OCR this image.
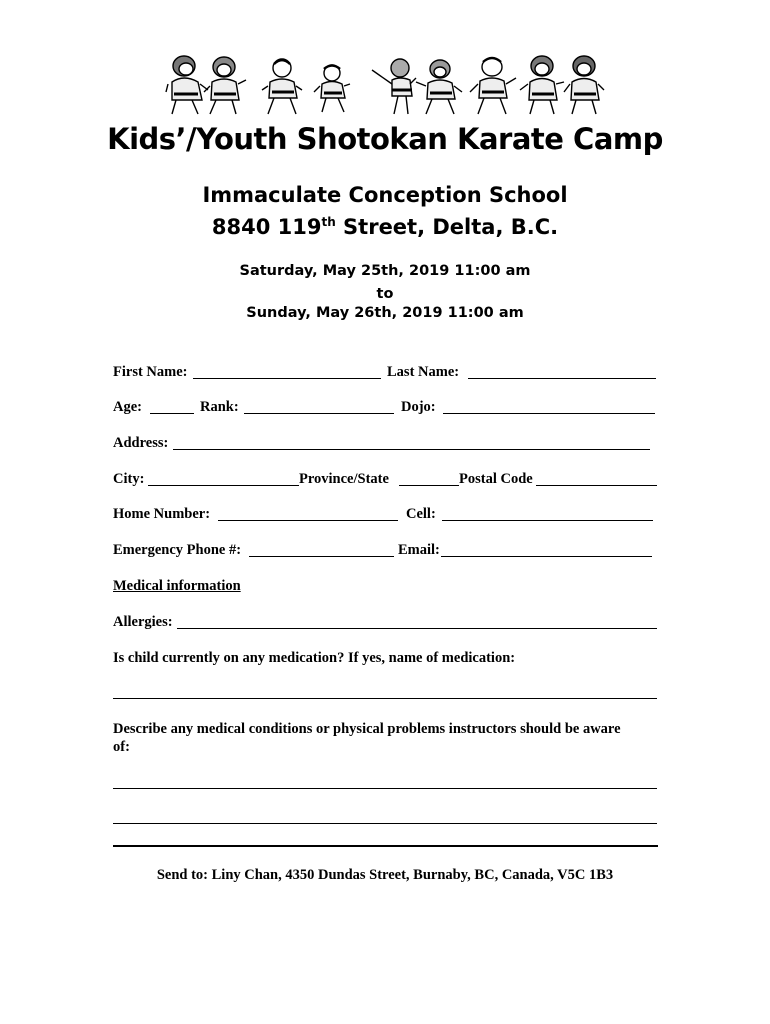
Kids’/Youth Shotokan Karate Camp
Immaculate Conception School
8840 119th Street, Delta, B.C.
Saturday, May 25th, 2019 11:00 am
to
Sunday, May 26th, 2019 11:00 am
First Name:	Last Name:
Age:	Rank:	Dojo:
Address:
City:	Province/State	Postal Code
Home Number:	Cell:
Emergency Phone #:	Email:
Medical information
Allergies:
Is child currently on any medication? If yes, name of medication:
Describe any medical conditions or physical problems instructors should be aware
of:
Send to: Liny Chan, 4350 Dundas Street, Burnaby, BC, Canada, V5C 1B3
